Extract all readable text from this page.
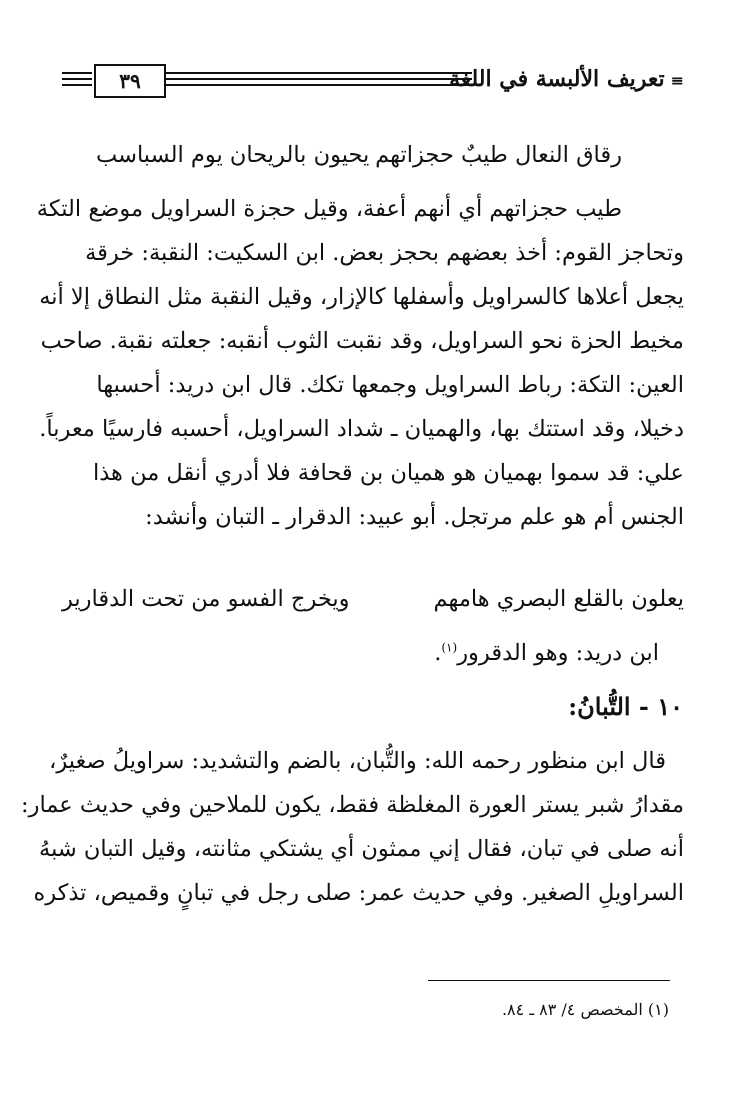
٣٩	≡تعريف الألبسة في اللغة
رقاق النعال طيبٌ حجزاتهم
يحيون بالريحان يوم السباسب
طيب حجزاتهم أي أنهم أعفة، وقيل حجزة السراويل موضع التكة
وتحاجز القوم: أخذ بعضهم بحجز بعض. ابن السكيت: النقبة: خرقة
يجعل أعلاها كالسراويل وأسفلها كالإزار، وقيل النقبة مثل النطاق إلا أنه
مخيط الحزة نحو السراويل، وقد نقبت الثوب أنقبه: جعلته نقبة. صاحب
العين: التكة: رباط السراويل وجمعها تكك. قال ابن دريد: أحسبها
دخيلا، وقد استتك بها، والهميان ـ شداد السراويل، أحسبه فارسيًا معرباً.
علي: قد سموا بهميان هو هميان بن قحافة فلا أدري أنقل من هذا
الجنس أم هو علم مرتجل. أبو عبيد: الدقرار ـ التبان وأنشد:
يعلون بالقلع البصري هامهم
ويخرج الفسو من تحت الدقارير
ابن دريد: وهو الدقرور$^{(١)}$.
١٠ - التُّبانُ:
قال ابن منظور رحمه الله: والتُّبان، بالضم والتشديد: سراويلُ صغيرٌ،
مقدارُ شبر يستر العورة المغلظة فقط، يكون للملاحين وفي حديث عمار:
أنه صلى في تبان، فقال إني ممثون أي يشتكي مثانته، وقيل التبان شبهُ
السراويلِ الصغير. وفي حديث عمر: صلى رجل في تبانٍ وقميص، تذكره
(١) المخصص ٤/ ٨٣ ـ ٨٤.
